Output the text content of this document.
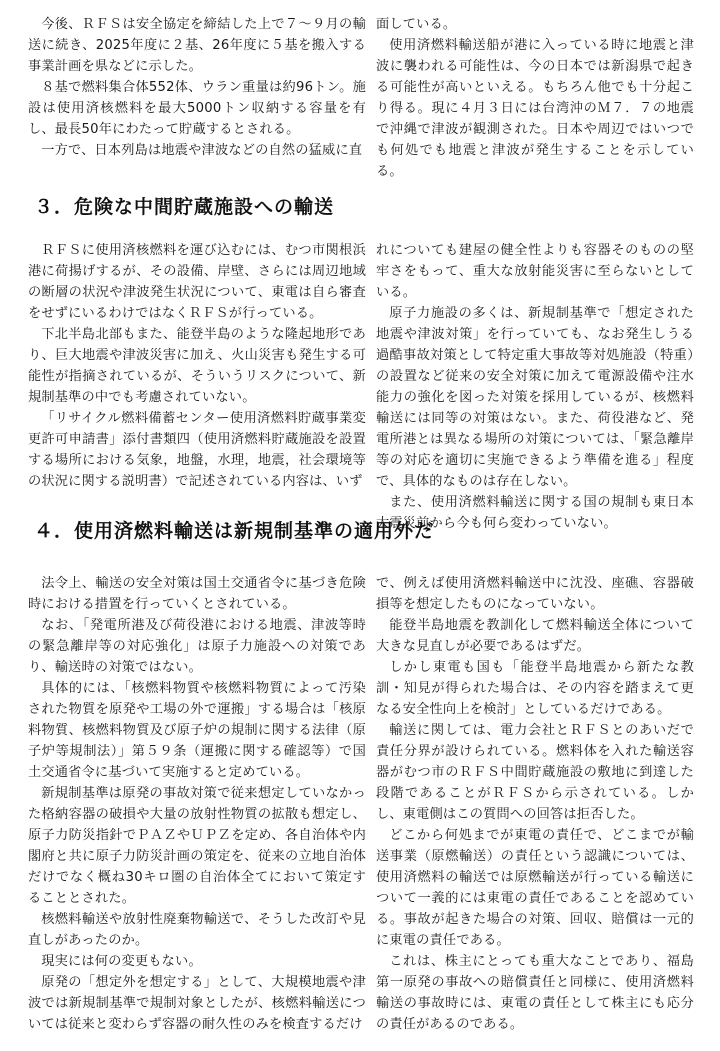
今後、ＲＦＳは安全協定を締結した上で７～９月の輸送に続き、2025年度に２基、26年度に５基を搬入する事業計画を県などに示した。

８基で燃料集合体552体、ウラン重量は約96トン。施設は使用済核燃料を最大5000トン収納する容量を有し、最長50年にわたって貯蔵するとされる。

一方で、日本列島は地震や津波などの自然の猛威に直

面している。

使用済燃料輸送船が港に入っている時に地震と津波に襲われる可能性は、今の日本では新潟県で起きる可能性が高いといえる。もちろん他でも十分起こり得る。現に４月３日には台湾沖のＭ７．７の地震で沖縄で津波が観測された。日本や周辺ではいつでも何処でも地震と津波が発生することを示している。

３．危険な中間貯蔵施設への輸送

ＲＦＳに使用済核燃料を運び込むには、むつ市関根浜港に荷揚げするが、その設備、岸壁、さらには周辺地域の断層の状況や津波発生状況について、東電は自ら審査をせずにいるわけではなくＲＦＳが行っている。

下北半島北部もまた、能登半島のような隆起地形であり、巨大地震や津波災害に加え、火山災害も発生する可能性が指摘されているが、そういうリスクについて、新規制基準の中でも考慮されていない。

「リサイクル燃料備蓄センター使用済燃料貯蔵事業変更許可申請書」添付書類四（使用済燃料貯蔵施設を設置する場所における気象，地盤，水理，地震，社会環境等の状況に関する説明書）で記述されている内容は、いず

れについても建屋の健全性よりも容器そのものの堅牢さをもって、重大な放射能災害に至らないとしている。

原子力施設の多くは、新規制基準で「想定された地震や津波対策」を行っていても、なお発生しうる過酷事故対策として特定重大事故等対処施設（特重）の設置など従来の安全対策に加えて電源設備や注水能力の強化を図った対策を採用しているが、核燃料輸送には同等の対策はない。また、荷役港など、発電所港とは異なる場所の対策については、「緊急離岸等の対応を適切に実施できるよう準備を進る」程度で、具体的なものは存在しない。

また、使用済燃料輸送に関する国の規制も東日本大震災前から今も何ら変わっていない。

４．使用済燃料輸送は新規制基準の適用外だ

法令上、輸送の安全対策は国土交通省令に基づき危険時における措置を行っていくとされている。

なお、「発電所港及び荷役港における地震、津波等時の緊急離岸等の対応強化」は原子力施設への対策であり、輸送時の対策ではない。

具体的には、「核燃料物質や核燃料物質によって汚染された物質を原発や工場の外で運搬」する場合は「核原料物質、核燃料物質及び原子炉の規制に関する法律（原子炉等規制法）」第５９条（運搬に関する確認等）で国土交通省令に基づいて実施すると定めている。

新規制基準は原発の事故対策で従来想定していなかった格納容器の破損や大量の放射性物質の拡散も想定し、原子力防災指針でＰＡＺやＵＰＺを定め、各自治体や内閣府と共に原子力防災計画の策定を、従来の立地自治体だけでなく概ね30キロ圏の自治体全てにおいて策定することとされた。

核燃料輸送や放射性廃棄物輸送で、そうした改訂や見直しがあったのか。

現実には何の変更もない。

原発の「想定外を想定する」として、大規模地震や津波では新規制基準で規制対象としたが、核燃料輸送については従来と変わらず容器の耐久性のみを検査するだけ

で、例えば使用済燃料輸送中に沈没、座礁、容器破損等を想定したものになっていない。

能登半島地震を教訓化して燃料輸送全体について大きな見直しが必要であるはずだ。

しかし東電も国も「能登半島地震から新たな教訓・知見が得られた場合は、その内容を踏まえて更なる安全性向上を検討」としているだけである。

輸送に関しては、電力会社とＲＦＳとのあいだで責任分界が設けられている。燃料体を入れた輸送容器がむつ市のＲＦＳ中間貯蔵施設の敷地に到達した段階であることがＲＦＳから示されている。しかし、東電側はこの質問への回答は拒否した。

どこから何処までが東電の責任で、どこまでが輸送事業（原燃輸送）の責任という認識については、使用済燃料の輸送では原燃輸送が行っている輸送について一義的には東電の責任であることを認めている。事故が起きた場合の対策、回収、賠償は一元的に東電の責任である。

これは、株主にとっても重大なことであり、福島第一原発の事故への賠償責任と同様に、使用済燃料輸送の事故時には、東電の責任として株主にも応分の責任があるのである。
